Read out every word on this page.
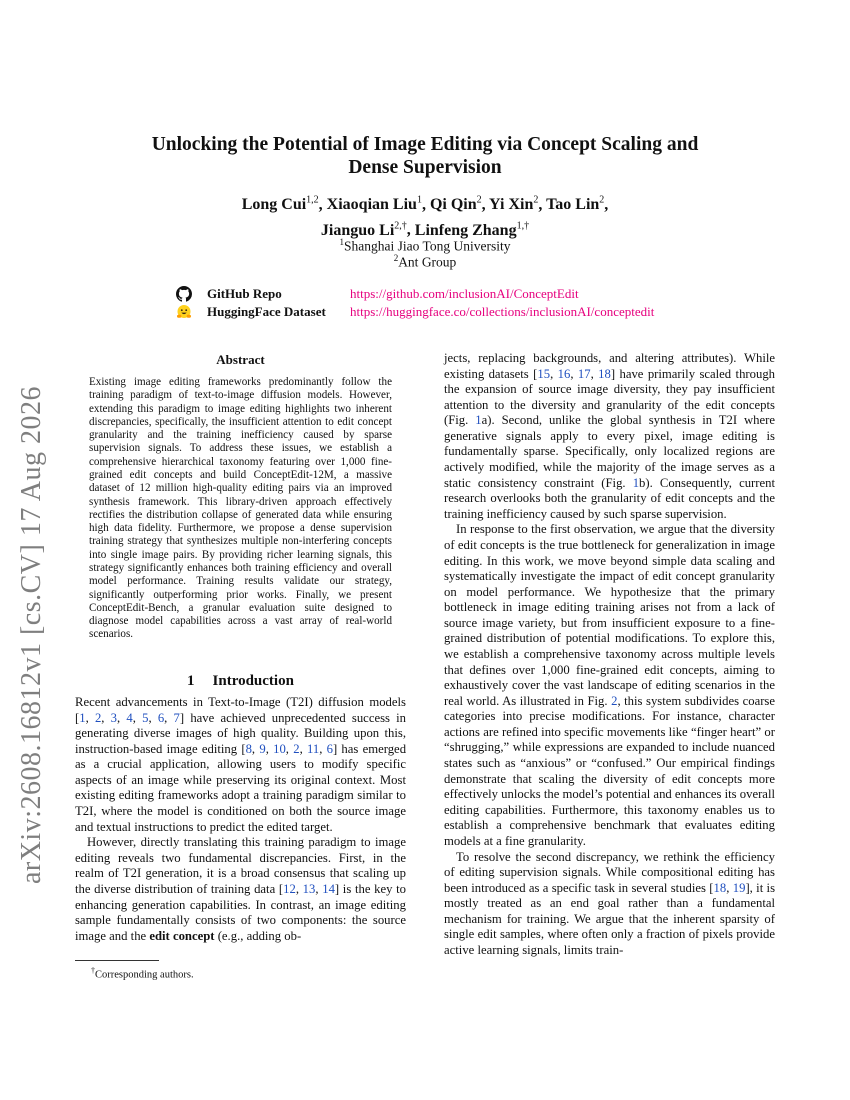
arXiv:2608.16812v1 [cs.CV] 17 Aug 2026
Unlocking the Potential of Image Editing via Concept Scaling and
Dense Supervision
Long Cui$^{1,2}$, Xiaoqian Liu$^1$, Qi Qin$^2$, Yi Xin$^2$, Tao Lin$^2$,
Jianguo $Li^{2,\dagger}$, Linfeng Zhang$^{1,\dagger}$
$^1$Shanghai Jiao Tong University
$^2$Ant Group
GitHub Repo	https://github.com/inclusionAI/ConceptEdit
HuggingFace Dataset https://huggingface.co/collections/inclusionAI/conceptedit
Abstract

Existing image editing frameworks predominantly follow the training paradigm of text-to-image diffusion models. However, extending this paradigm to image editing highlights two inherent discrepancies, specifically, the insufficient attention to edit concept granularity and the training inefficiency caused by sparse supervision signals. To address these issues, we establish a comprehensive hierarchical taxonomy featuring over 1,000 fine-grained edit concepts and build ConceptEdit-12M, a massive dataset of 12 million high-quality editing pairs via an improved synthesis framework. This library-driven approach effectively rectifies the distribution collapse of generated data while ensuring high data fidelity. Furthermore, we propose a dense supervision training strategy that synthesizes multiple non-interfering concepts into single image pairs. By providing richer learning signals, this strategy significantly enhances both training efficiency and overall model performance. Training results validate our strategy, significantly outperforming prior works. Finally, we present ConceptEdit-Bench, a granular evaluation suite designed to diagnose model capabilities across a vast array of real-world scenarios.

1 Introduction

Recent advancements in Text-to-Image (T2I) diffusion models [1, 2, 3, 4, 5, 6, 7] have achieved unprecedented success in generating diverse images of high quality. Building upon this, instruction-based image editing [8, 9, 10, 2, 11, 6] has emerged as a crucial application, allowing users to modify specific aspects of an image while preserving its original context. Most existing editing frameworks adopt a training paradigm similar to T2I, where the model is conditioned on both the source image and textual instructions to predict the edited target.

However, directly translating this training paradigm to image editing reveals two fundamental discrepancies. First, in the realm of T2I generation, it is a broad consensus that scaling up the diverse distribution of training data [12, 13, 14] is the key to enhancing generation capabilities. In contrast, an image editing sample fundamentally consists of two components: the source image and the edit concept (e.g., adding ob-

jects, replacing backgrounds, and altering attributes). While existing datasets [15, 16, 17, 18] have primarily scaled through the expansion of source image diversity, they pay insufficient attention to the diversity and granularity of the edit concepts (Fig. 1a). Second, unlike the global synthesis in T2I where generative signals apply to every pixel, image editing is fundamentally sparse. Specifically, only localized regions are actively modified, while the majority of the image serves as a static consistency constraint (Fig. 1b). Consequently, current research overlooks both the granularity of edit concepts and the training inefficiency caused by such sparse supervision.

In response to the first observation, we argue that the diversity of edit concepts is the true bottleneck for generalization in image editing. In this work, we move beyond simple data scaling and systematically investigate the impact of edit concept granularity on model performance. We hypothesize that the primary bottleneck in image editing training arises not from a lack of source image variety, but from insufficient exposure to a fine-grained distribution of potential modifications. To explore this, we establish a comprehensive taxonomy across multiple levels that defines over 1,000 fine-grained edit concepts, aiming to exhaustively cover the vast landscape of editing scenarios in the real world. As illustrated in Fig. 2, this system subdivides coarse categories into precise modifications. For instance, character actions are refined into specific movements like “finger heart” or “shrugging,” while expressions are expanded to include nuanced states such as “anxious” or “confused.” Our empirical findings demonstrate that scaling the diversity of edit concepts more effectively unlocks the model’s potential and enhances its overall editing capabilities. Furthermore, this taxonomy enables us to establish a comprehensive benchmark that evaluates editing models at a fine granularity.

To resolve the second discrepancy, we rethink the efficiency of editing supervision signals. While compositional editing has been introduced as a specific task in several studies [18, 19], it is mostly treated as an end goal rather than a fundamental mechanism for training. We argue that the inherent sparsity of single edit samples, where often only a fraction of pixels provide active learning signals, limits train-

†Corresponding authors.
